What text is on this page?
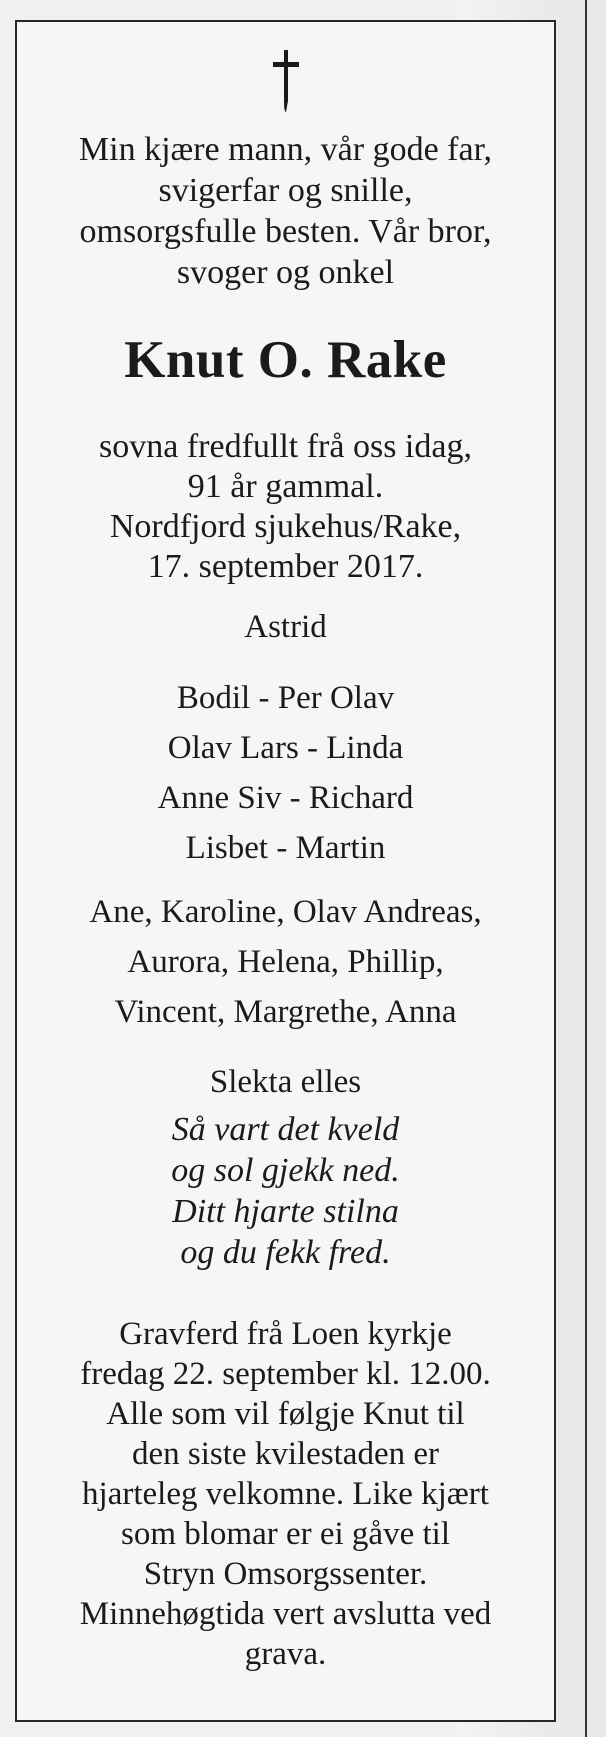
Min kjære mann, vår gode far,
svigerfar og snille,
omsorgsfulle besten. Vår bror,
svoger og onkel
Knut O. Rake
sovna fredfullt frå oss idag,
91 år gammal.
Nordfjord sjukehus/Rake,
17. september 2017.
Astrid
Bodil - Per Olav
Olav Lars - Linda
Anne Siv - Richard
Lisbet - Martin
Ane, Karoline, Olav Andreas,
Aurora, Helena, Phillip,
Vincent, Margrethe, Anna
Slekta elles
Så vart det kveld
og sol gjekk ned.
Ditt hjarte stilna
og du fekk fred.
Gravferd frå Loen kyrkje
fredag 22. september kl. 12.00.
Alle som vil følgje Knut til
den siste kvilestaden er
hjarteleg velkomne. Like kjært
som blomar er ei gåve til
Stryn Omsorgssenter.
Minnehøgtida vert avslutta ved
grava.
